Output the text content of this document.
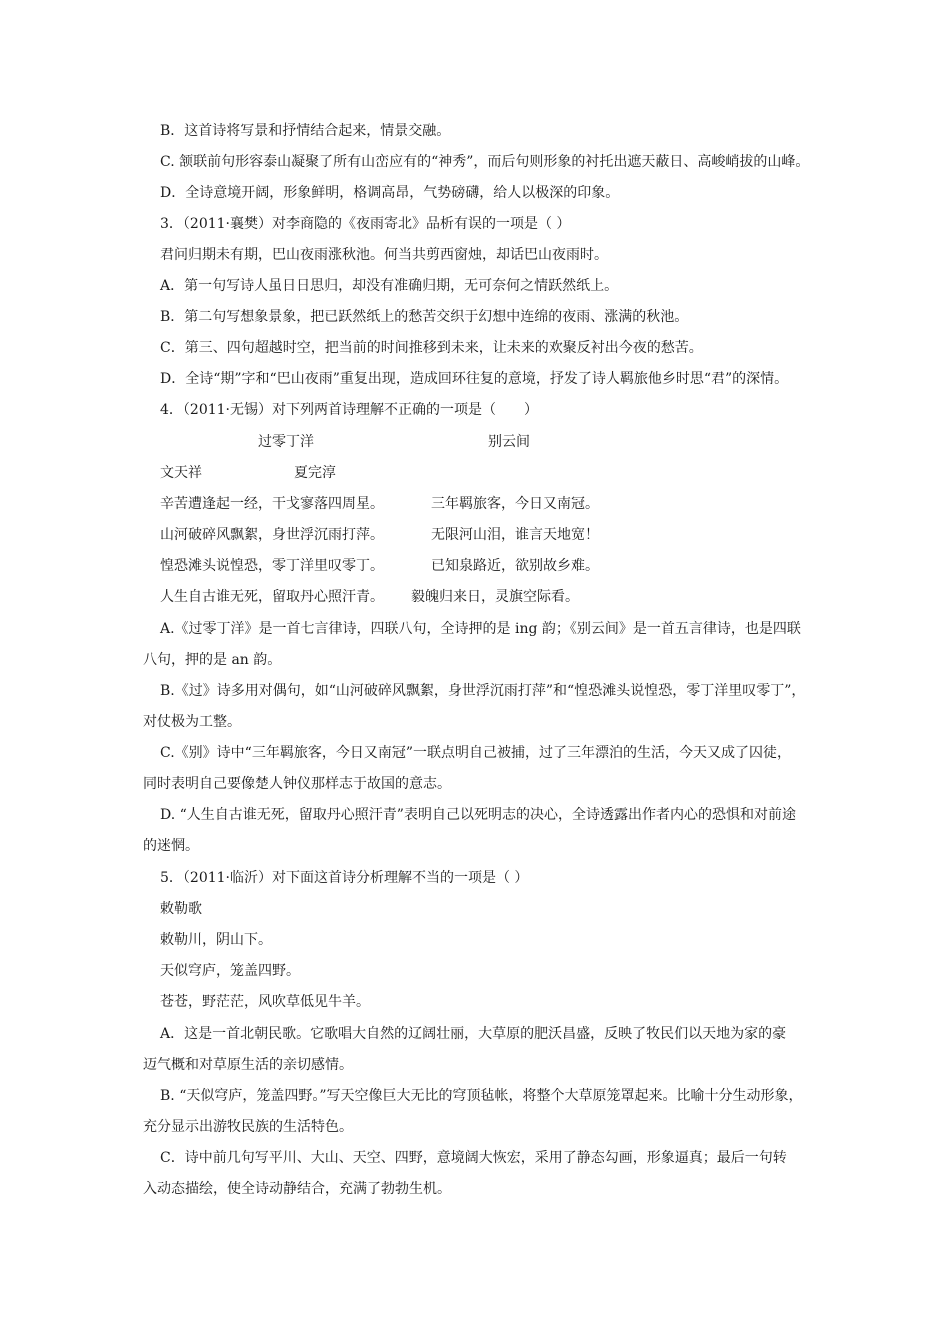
B．这首诗将写景和抒情结合起来，情景交融。
C. 颔联前句形容泰山凝聚了所有山峦应有的“神秀”，而后句则形象的衬托出遮天蔽日、高峻峭拔的山峰。
D．全诗意境开阔，形象鲜明，格调高昂，气势磅礴，给人以极深的印象。
3．（2011·襄樊）对李商隐的《夜雨寄北》品析有误的一项是（ ）
君问归期未有期，巴山夜雨涨秋池。何当共剪西窗烛，却话巴山夜雨时。
A．第一句写诗人虽日日思归，却没有准确归期，无可奈何之情跃然纸上。
B．第二句写想象景象，把已跃然纸上的愁苦交织于幻想中连绵的夜雨、涨满的秋池。
C．第三、四句超越时空，把当前的时间推移到未来，让未来的欢聚反衬出今夜的愁苦。
D．全诗“期”字和“巴山夜雨”重复出现，造成回环往复的意境，抒发了诗人羁旅他乡时思“君”的深情。
4．（2011·无锡）对下列两首诗理解不正确的一项是（　　）
过零丁洋	别云间
文天祥	夏完淳
辛苦遭逢起一经，干戈寥落四周星。	三年羁旅客，今日又南冠。
山河破碎风飘絮，身世浮沉雨打萍。	无限河山泪，谁言天地宽！
惶恐滩头说惶恐，零丁洋里叹零丁。	已知泉路近，欲别故乡难。
人生自古谁无死，留取丹心照汗青。 毅魄归来日，灵旗空际看。
A.《过零丁洋》是一首七言律诗，四联八句，全诗押的是 ing 韵；《别云间》是一首五言律诗，也是四联
八句，押的是 an 韵。
B.《过》诗多用对偶句，如“山河破碎风飘絮，身世浮沉雨打萍”和“惶恐滩头说惶恐，零丁洋里叹零丁”，
对仗极为工整。
C.《别》诗中“三年羁旅客，今日又南冠”一联点明自己被捕，过了三年漂泊的生活，今天又成了囚徒，
同时表明自己要像楚人钟仪那样志于故国的意志。
D. “人生自古谁无死，留取丹心照汗青”表明自己以死明志的决心，全诗透露出作者内心的恐惧和对前途
的迷惘。
5．（2011·临沂）对下面这首诗分析理解不当的一项是（ ）
敕勒歌
敕勒川，阴山下。
天似穹庐，笼盖四野。
苍苍，野茫茫，风吹草低见牛羊。
A．这是一首北朝民歌。它歌唱大自然的辽阔壮丽，大草原的肥沃昌盛，反映了牧民们以天地为家的豪
迈气概和对草原生活的亲切感情。
B. “天似穹庐，笼盖四野。”写天空像巨大无比的穹顶毡帐，将整个大草原笼罩起来。比喻十分生动形象，
充分显示出游牧民族的生活特色。
C．诗中前几句写平川、大山、天空、四野，意境阔大恢宏，采用了静态勾画，形象逼真；最后一句转
入动态描绘，使全诗动静结合，充满了勃勃生机。
